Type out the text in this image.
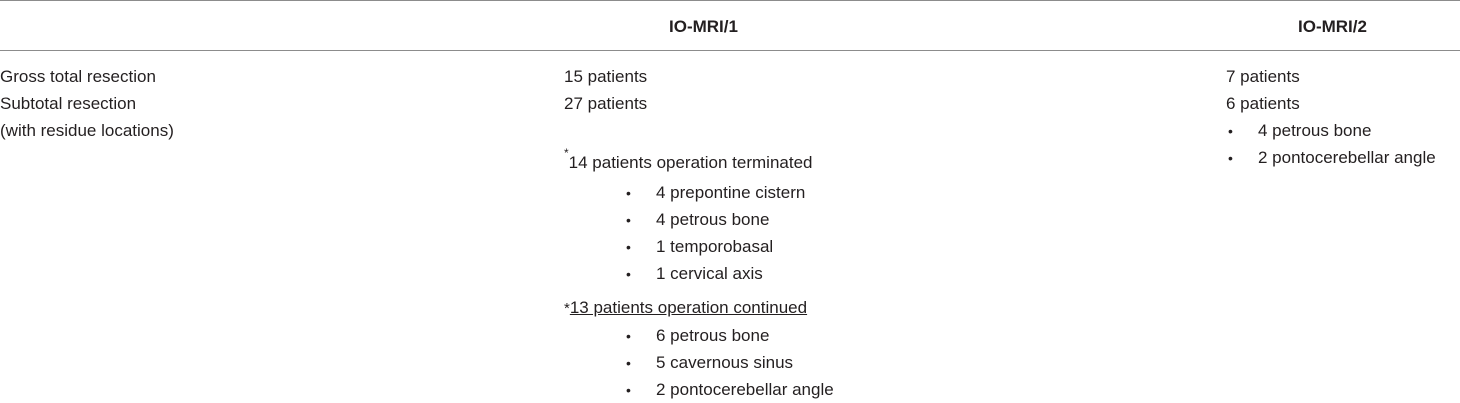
IO-MRI/1	IO-MRI/2
Gross total resection
Subtotal resection
(with residue locations)
15 patients
27 patients
*14 patients operation terminated
• 4 prepontine cistern
• 4 petrous bone
• 1 temporobasal
• 1 cervical axis
*13 patients operation continued
• 6 petrous bone
• 5 cavernous sinus
• 2 pontocerebellar angle
7 patients
6 patients
• 4 petrous bone
• 2 pontocerebellar angle
